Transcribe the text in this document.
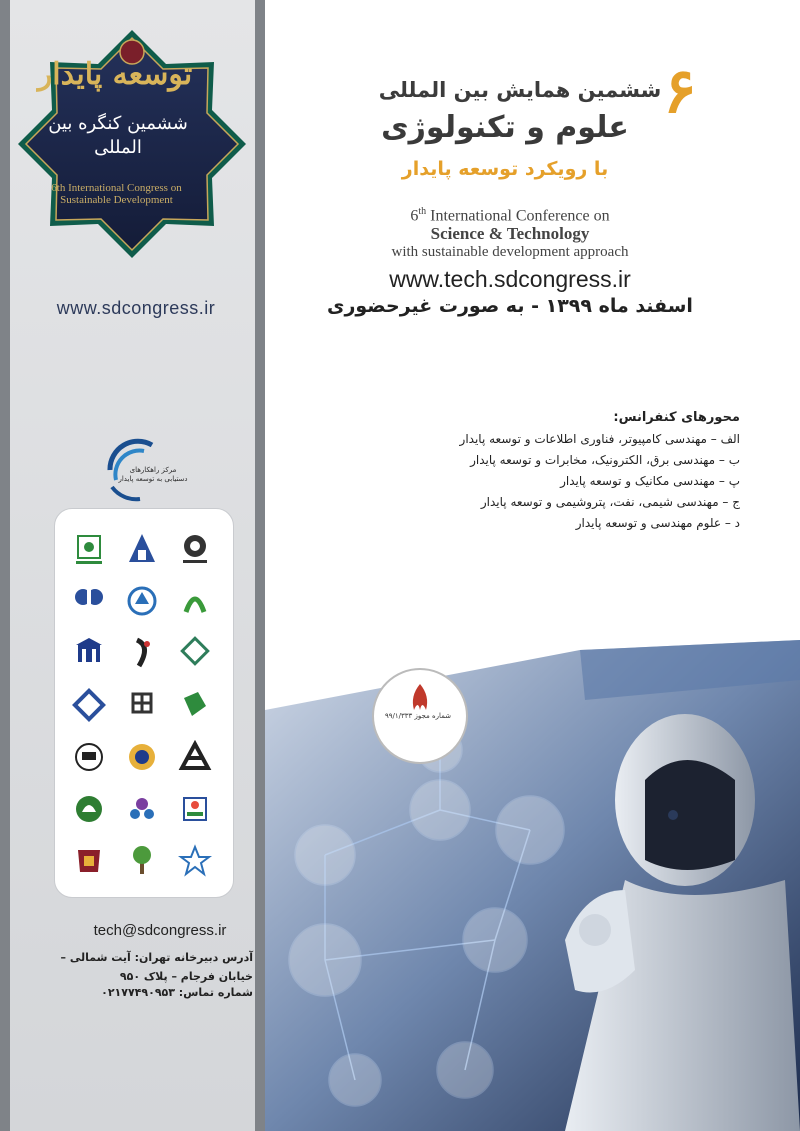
توسعه پایدار
ششمین کنگره بین المللی
6th International Congress on
Sustainable Development
www.sdcongress.ir
مرکز راهکارهای دستیابی به توسعه پایدار
tech@sdcongress.ir
آدرس دبیرخانه تهران: آیت شمالی – خیابان فرجام – پلاک ۹۵۰
شماره تماس: ۰۲۱۷۷۴۹۰۹۵۳
۶
ششمین همایش بین المللی
علوم و تکنولوژی
با رویکرد توسعه پایدار
6th International Conference on
Science & Technology
with sustainable development approach
www.tech.sdcongress.ir
اسفند ماه ۱۳۹۹ - به صورت غیرحضوری
محورهای کنفرانس:
الف – مهندسی کامپیوتر، فناوری اطلاعات و توسعه پایدار
ب – مهندسی برق، الکترونیک، مخابرات و توسعه پایدار
پ – مهندسی مکانیک و توسعه پایدار
ج – مهندسی شیمی، نفت، پتروشیمی و توسعه پایدار
د – علوم مهندسی و توسعه پایدار
شماره مجوز ۹۹/۱/۳۳۳
